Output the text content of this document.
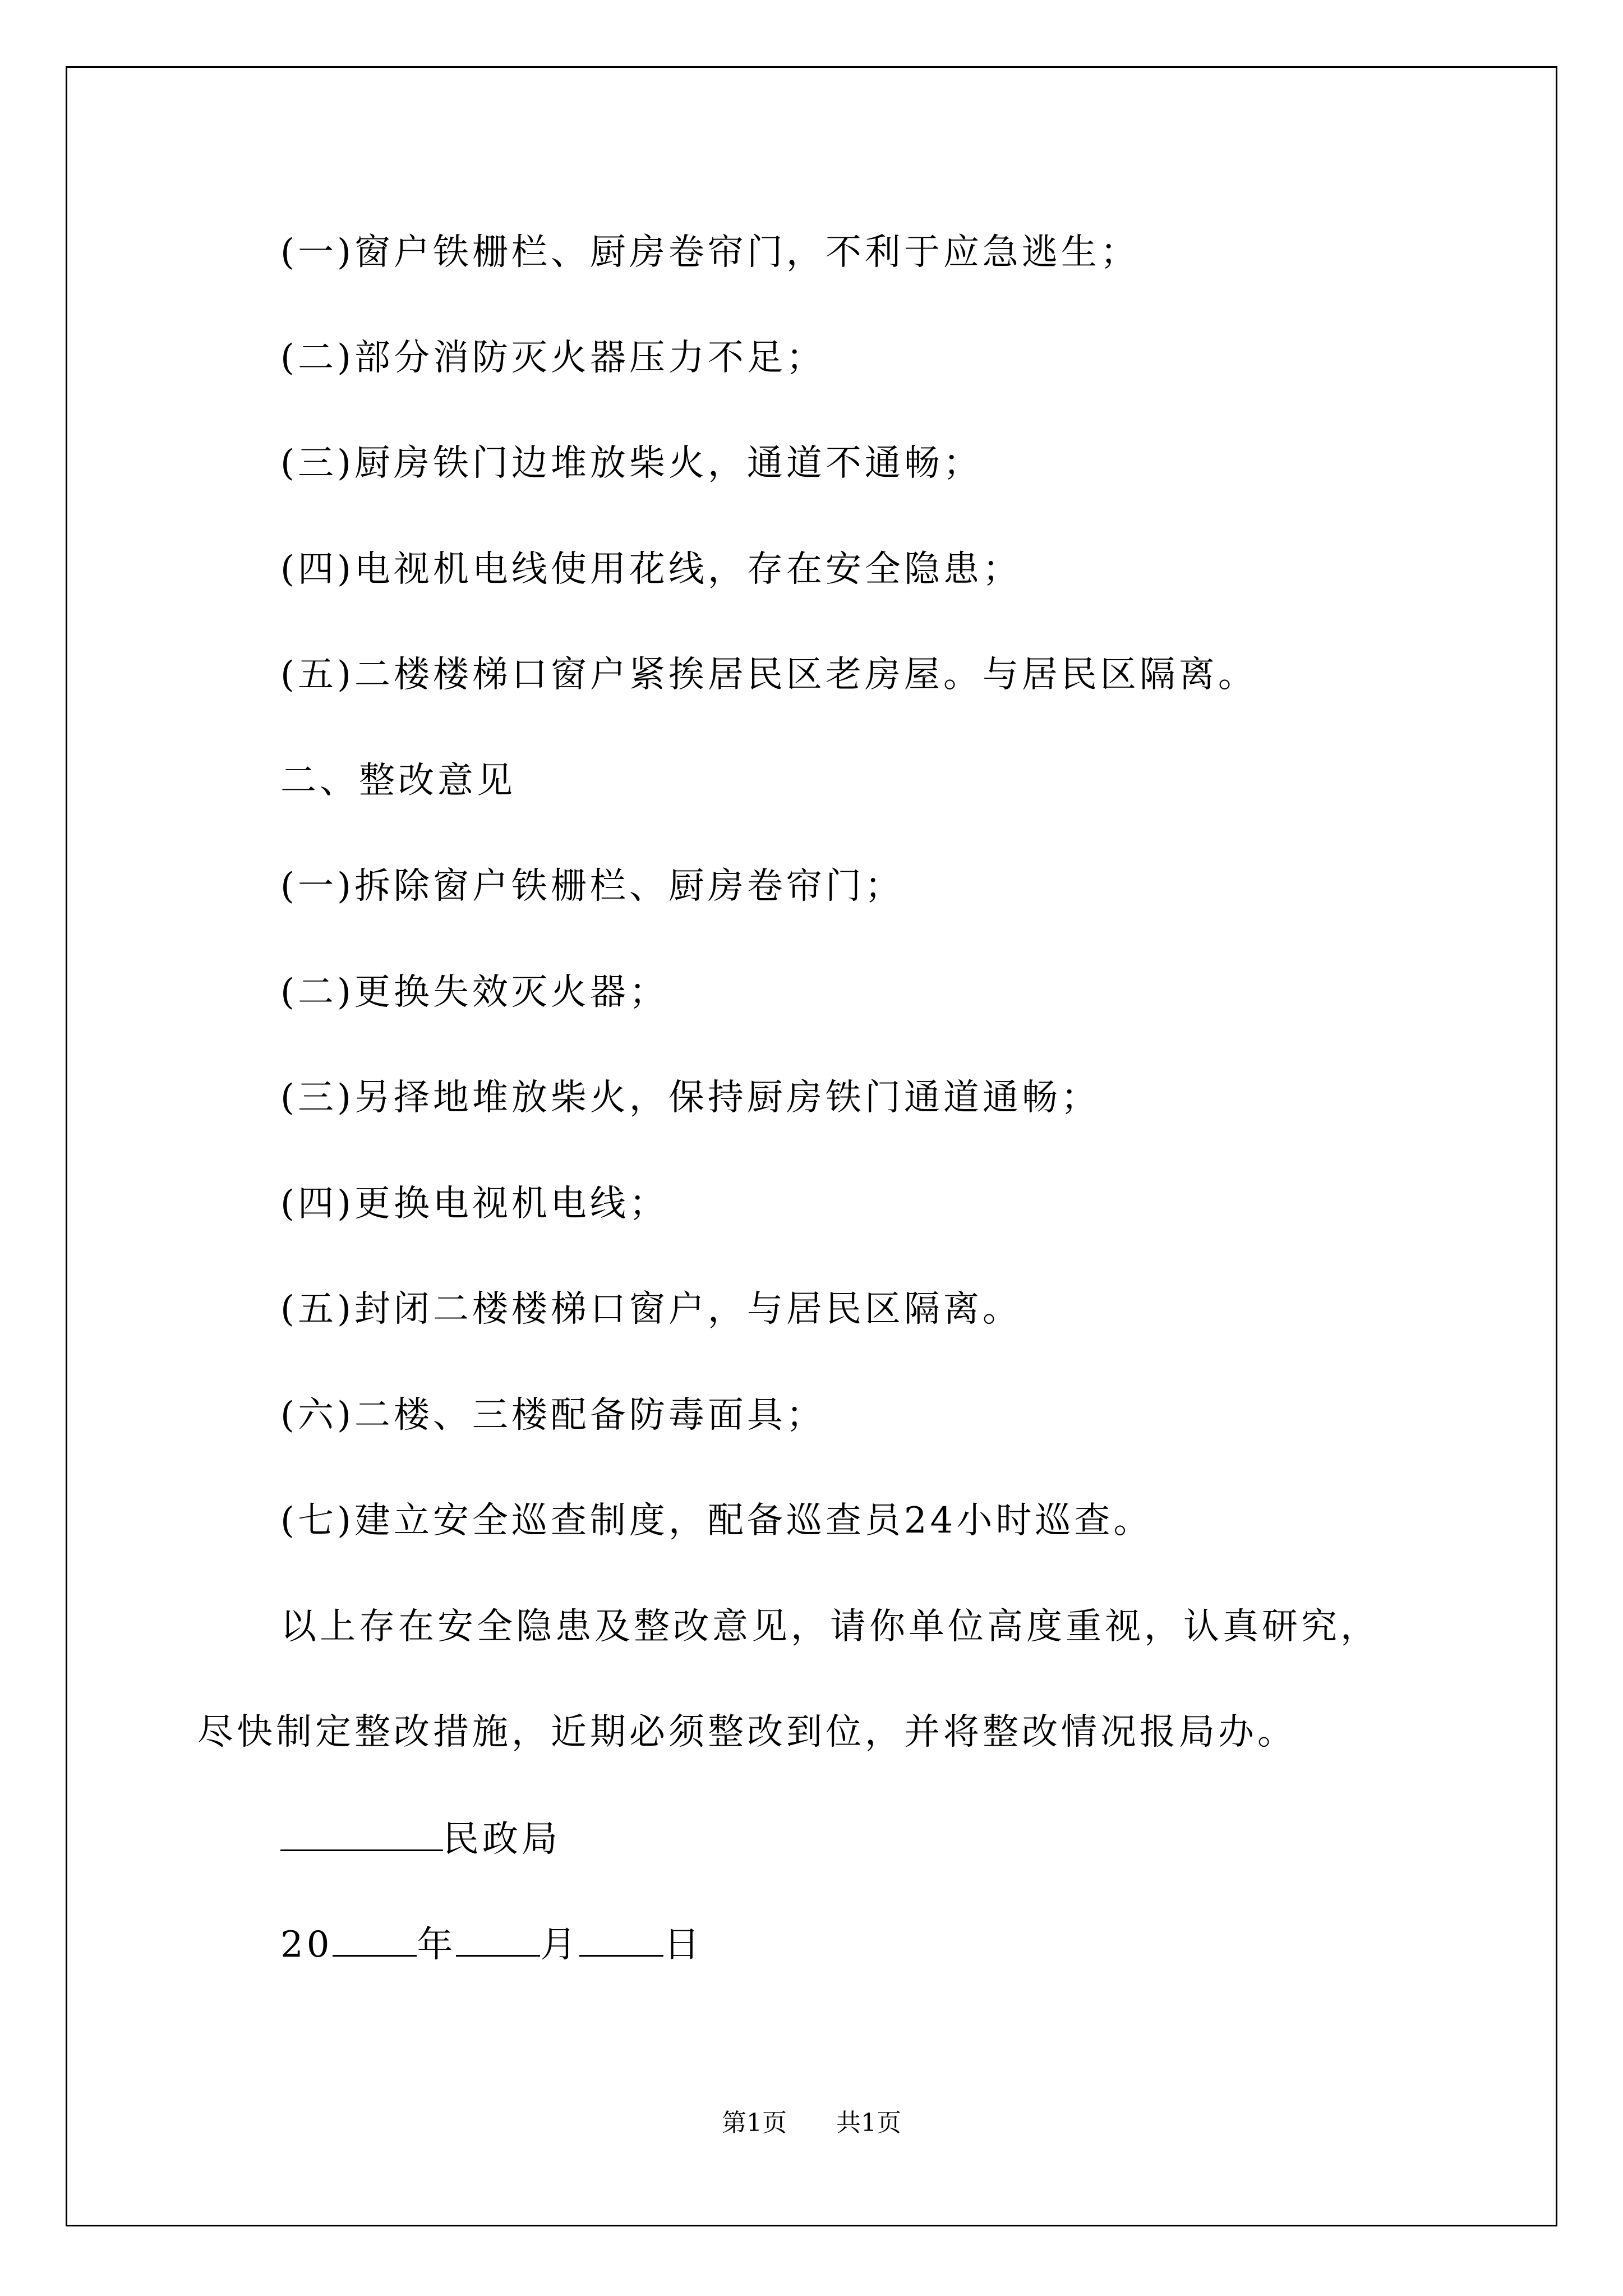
(一)窗户铁栅栏、厨房卷帘门，不利于应急逃生；
(二)部分消防灭火器压力不足；
(三)厨房铁门边堆放柴火，通道不通畅；
(四)电视机电线使用花线，存在安全隐患；
(五)二楼楼梯口窗户紧挨居民区老房屋。与居民区隔离。
二、整改意见
(一)拆除窗户铁栅栏、厨房卷帘门；
(二)更换失效灭火器；
(三)另择地堆放柴火，保持厨房铁门通道通畅；
(四)更换电视机电线；
(五)封闭二楼楼梯口窗户，与居民区隔离。
(六)二楼、三楼配备防毒面具；
(七)建立安全巡查制度，配备巡查员24小时巡查。
以上存在安全隐患及整改意见，请你单位高度重视，认真研究，
尽快制定整改措施，近期必须整改到位，并将整改情况报局办。
民政局
20 年 月 日
第1页 共1页
